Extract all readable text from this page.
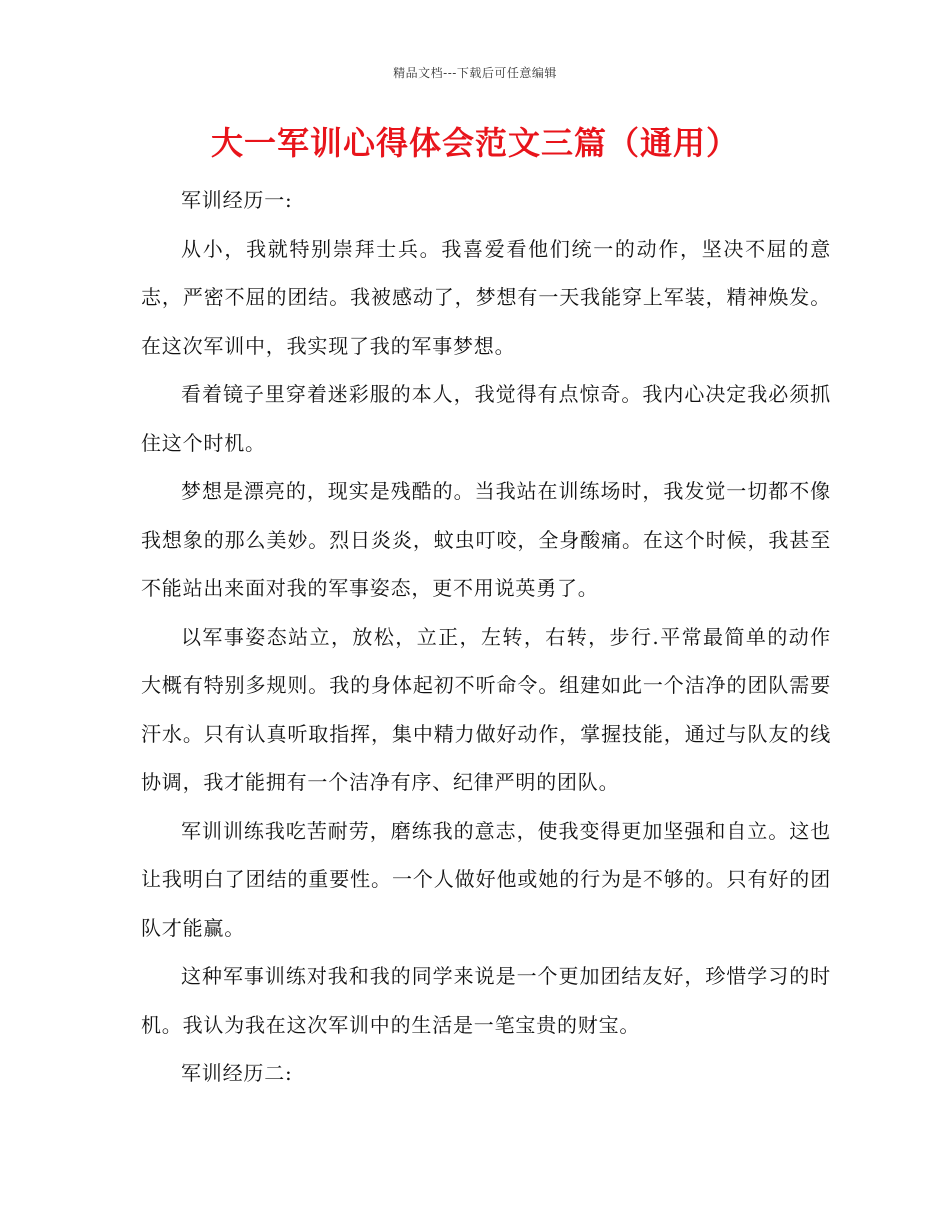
精品文档---下载后可任意编辑
大一军训心得体会范文三篇（通用）

军训经历一:

从小，我就特别崇拜士兵。我喜爱看他们统一的动作，坚决不屈的意志，严密不屈的团结。我被感动了，梦想有一天我能穿上军装，精神焕发。在这次军训中，我实现了我的军事梦想。

看着镜子里穿着迷彩服的本人，我觉得有点惊奇。我内心决定我必须抓住这个时机。

梦想是漂亮的，现实是残酷的。当我站在训练场时，我发觉一切都不像我想象的那么美妙。烈日炎炎，蚊虫叮咬，全身酸痛。在这个时候，我甚至不能站出来面对我的军事姿态，更不用说英勇了。

以军事姿态站立，放松，立正，左转，右转，步行.平常最简单的动作大概有特别多规则。我的身体起初不听命令。组建如此一个洁净的团队需要汗水。只有认真听取指挥，集中精力做好动作，掌握技能，通过与队友的线协调，我才能拥有一个洁净有序、纪律严明的团队。

军训训练我吃苦耐劳，磨练我的意志，使我变得更加坚强和自立。这也让我明白了团结的重要性。一个人做好他或她的行为是不够的。只有好的团队才能赢。

这种军事训练对我和我的同学来说是一个更加团结友好，珍惜学习的时机。我认为我在这次军训中的生活是一笔宝贵的财宝。

军训经历二:
